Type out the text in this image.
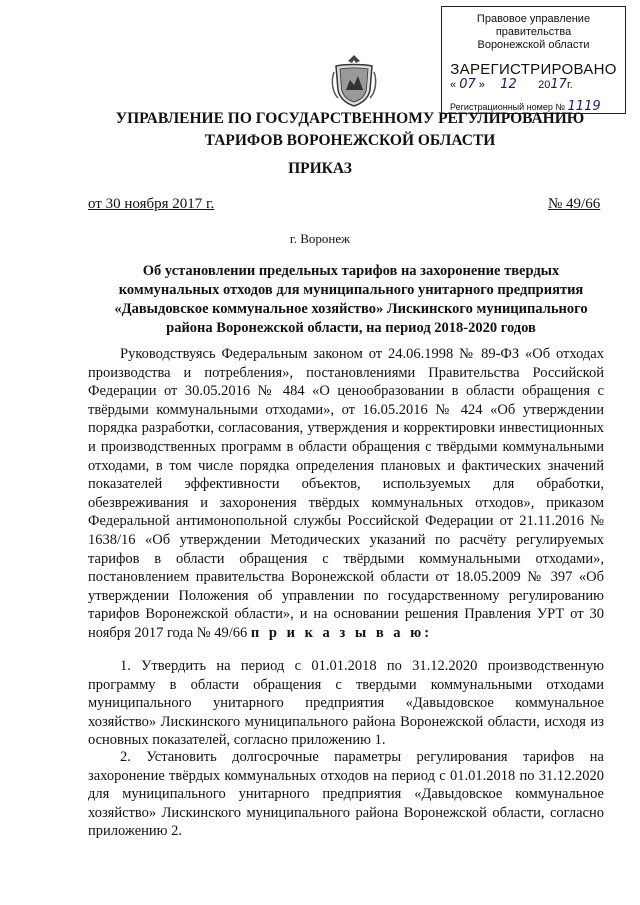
Правовое управление правительства
Воронежской области
ЗАРЕГИСТРИРОВАНО
« 07 »     12 2017г.
Регистрационный номер № 1119
УПРАВЛЕНИЕ ПО ГОСУДАРСТВЕННОМУ РЕГУЛИРОВАНИЮ
ТАРИФОВ ВОРОНЕЖСКОЙ ОБЛАСТИ
ПРИКАЗ
от 30 ноября 2017 г.	№ 49/66
г. Воронеж
Об установлении предельных тарифов на захоронение твердых коммунальных отходов для муниципального унитарного предприятия «Давыдовское коммунальное хозяйство» Лискинского муниципального района Воронежской области, на период 2018-2020 годов
Руководствуясь Федеральным законом от 24.06.1998 № 89-ФЗ «Об отходах производства и потребления», постановлениями Правительства Российской Федерации от 30.05.2016 № 484 «О ценообразовании в области обращения с твёрдыми коммунальными отходами», от 16.05.2016 № 424 «Об утверждении порядка разработки, согласования, утверждения и корректировки инвестиционных и производственных программ в области обращения с твёрдыми коммунальными отходами, в том числе порядка определения плановых и фактических значений показателей эффективности объектов, используемых для обработки, обезвреживания и захоронения твёрдых коммунальных отходов», приказом Федеральной антимонопольной службы Российской Федерации от 21.11.2016 № 1638/16 «Об утверждении Методических указаний по расчёту регулируемых тарифов в области обращения с твёрдыми коммунальными отходами», постановлением правительства Воронежской области от 18.05.2009 № 397 «Об утверждении Положения об управлении по государственному регулированию тарифов Воронежской области», и на основании решения Правления УРТ от 30 ноября 2017 года № 49/66 п р и к а з ы в а ю:
1. Утвердить на период с 01.01.2018 по 31.12.2020 производственную программу в области обращения с твердыми коммунальными отходами муниципального унитарного предприятия «Давыдовское коммунальное хозяйство» Лискинского муниципального района Воронежской области, исходя из основных показателей, согласно приложению 1.
2. Установить долгосрочные параметры регулирования тарифов на захоронение твёрдых коммунальных отходов на период с 01.01.2018 по 31.12.2020 для муниципального унитарного предприятия «Давыдовское коммунальное хозяйство» Лискинского муниципального района Воронежской области, согласно приложению 2.
